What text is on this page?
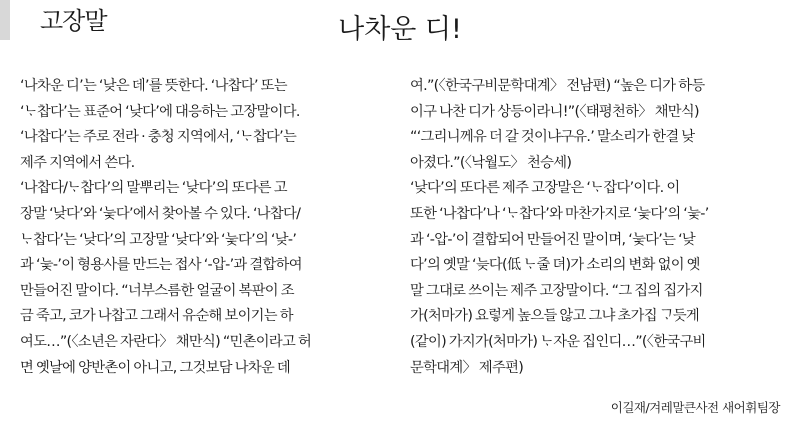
고장말	나차운 디!
‘나차운 디’는 ‘낮은 데’를 뜻한다. ‘나찹다’ 또는
‘ᄂᆞ찹다’는 표준어 ‘낮다’에 대응하는 고장말이다.
‘나찹다’는 주로 전라 · 충청 지역에서, ‘ᄂᆞ찹다’는
제주 지역에서 쓴다.
‘나찹다/ᄂᆞ찹다’의 말뿌리는 ‘낮다’의 또다른 고
장말 ‘낮다’와 ‘늧다’에서 찾아볼 수 있다. ‘나찹다/
ᄂᆞ찹다’는 ‘낮다’의 고장말 ‘낮다’와 ‘늧다’의 ‘낮-’
과 ‘늧-’이 형용사를 만드는 접사 ‘-압-’과 결합하여
만들어진 말이다. “너부스름한 얼굴이 복판이 조
금 죽고, 코가 나찹고 그래서 유순해 보이기는 하
여도…”(〈소년은 자란다〉 채만식) “민촌이라고 허
면 옛날에 양반촌이 아니고, 그것보담 나차운 데
여.”(〈한국구비문학대계〉 전남편) “높은 디가 하등
이구 나찬 디가 상등이라니!”(〈태평천하〉 채만식)
“‘그리니께유 더 갈 것이냐구유.’ 말소리가 한결 낮
아졌다.”(〈낙월도〉 천승세)
‘낮다’의 또다른 제주 고장말은 ‘ᄂᆞ잡다’이다. 이
또한 ‘나찹다’나 ‘ᄂᆞ찹다’와 마찬가지로 ‘늧다’의 ‘늧-’
과 ‘-압-’이 결합되어 만들어진 말이며, ‘늧다’는 ‘낮
다’의 옛말 ‘늦다(低 ᄂᆞ줄 뎌)가 소리의 변화 없이 옛
말 그대로 쓰이는 제주 고장말이다. “그 집의 집가지
가(처마가) 요렇게 높으들 않고 그냐 초가집 ᄀᆞ듯게
(같이) 가지가(처마가) ᄂᆞ자운 집인디…”(〈한국구비
문학대계〉 제주편)
이길재/겨레말큰사전 새어휘팀장
